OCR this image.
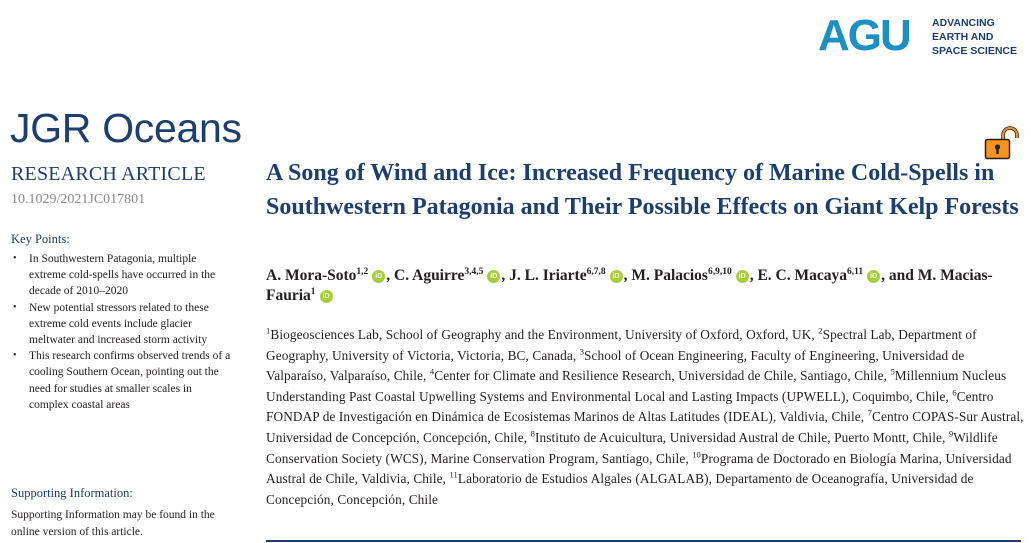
AGU ADVANCING
EARTH AND
SPACE SCIENCE
JGR Oceans
RESEARCH ARTICLE
10.1029/2021JC017801
Key Points:
• In Southwestern Patagonia, multiple extreme cold-spells have occurred in the decade of 2010–2020
• New potential stressors related to these extreme cold events include glacier meltwater and increased storm activity
• This research confirms observed trends of a cooling Southern Ocean, pointing out the need for studies at smaller scales in complex coastal areas
Supporting Information:
Supporting Information may be found in the online version of this article.
A Song of Wind and Ice: Increased Frequency of Marine Cold-Spells in Southwestern Patagonia and Their Possible Effects on Giant Kelp Forests
A. Mora-Soto$^{1,2}$ iD , C. Aguirre$^{3,4,5}$ iD , J. L. Iriarte$^{6,7,8}$ iD , M. Palacios$^{6,9,10}$ iD , E. C. Macaya$^{6,11}$ iD , and M. Macias-Fauria$^1$ iD
$^1$Biogeosciences Lab, School of Geography and the Environment, University of Oxford, Oxford, UK, $^2$Spectral Lab, Department of Geography, University of Victoria, Victoria, BC, Canada, $^3$School of Ocean Engineering, Faculty of Engineering, Universidad de Valparaíso, Valparaíso, Chile, $^4$Center for Climate and Resilience Research, Universidad de Chile, Santiago, Chile, $^5$Millennium Nucleus Understanding Past Coastal Upwelling Systems and Environmental Local and Lasting Impacts (UPWELL), Coquimbo, Chile, $^6$Centro FONDAP de Investigación en Dinámica de Ecosistemas Marinos de Altas Latitudes (IDEAL), Valdivia, Chile, $^7$Centro COPAS-Sur Austral, Universidad de Concepción, Concepción, Chile, $^8$Instituto de Acuicultura, Universidad Austral de Chile, Puerto Montt, Chile, $^9$Wildlife Conservation Society (WCS), Marine Conservation Program, Santiago, Chile, $^{10}$Programa de Doctorado en Biología Marina, Universidad Austral de Chile, Valdivia, Chile, $^{11}$Laboratorio de Estudios Algales (ALGALAB), Departamento de Oceanografía, Universidad de Concepción, Concepción, Chile
